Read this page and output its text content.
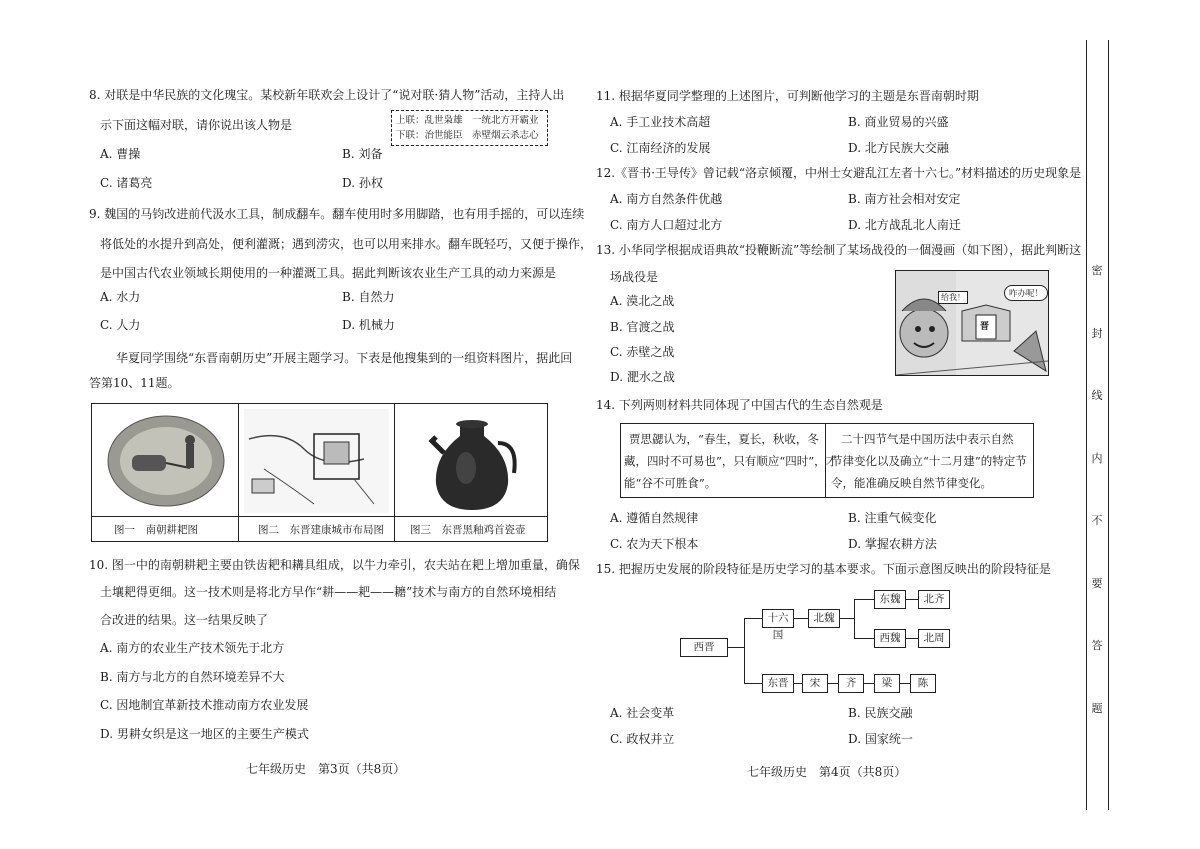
8. 对联是中华民族的文化瑰宝。某校新年联欢会上设计了“说对联·猜人物”活动，主持人出
示下面这幅对联，请你说出该人物是	上联：乱世枭雄　一统北方开霸业
下联：治世能臣　赤壁烟云杀志心
A. 曹操	B. 刘备
C. 诸葛亮	D. 孙权
9. 魏国的马钧改进前代汲水工具，制成翻车。翻车使用时多用脚踏，也有用手摇的，可以连续
将低处的水提升到高处，便利灌溉；遇到涝灾，也可以用来排水。翻车既轻巧，又便于操作，
是中国古代农业领域长期使用的一种灌溉工具。据此判断该农业生产工具的动力来源是
A. 水力	B. 自然力
C. 人力	D. 机械力
华夏同学围绕“东晋南朝历史”开展主题学习。下表是他搜集到的一组资料图片，据此回
答第10、11题。
图一　南朝耕耙图	图二　东晋建康城市布局图 图三　东晋黑釉鸡首瓷壶
10. 图一中的南朝耕耙主要由铁齿耙和耩具组成，以牛力牵引，农夫站在耙上增加重量，确保
土壤耙得更细。这一技术则是将北方早作“耕——耙——耱”技术与南方的自然环境相结
合改进的结果。这一结果反映了
A. 南方的农业生产技术领先于北方
B. 南方与北方的自然环境差异不大
C. 因地制宜革新技术推动南方农业发展
D. 男耕女织是这一地区的主要生产模式
七年级历史　第3页（共8页）
11. 根据华夏同学整理的上述图片，可判断他学习的主题是东晋南朝时期
A. 手工业技术高超	B. 商业贸易的兴盛
C. 江南经济的发展	D. 北方民族大交融
12.《晋书·王导传》曾记载“洛京倾覆，中州士女避乱江左者十六七。”材料描述的历史现象是
A. 南方自然条件优越	B. 南方社会相对安定
C. 南方人口超过北方	D. 北方战乱北人南迁
13. 小华同学根据成语典故“投鞭断流”等绘制了某场战役的一個漫画（如下图），据此判断这
场战役是
A. 漠北之战
B. 官渡之战
C. 赤壁之战
D. 淝水之战
给我！
晋
咋办呢！
14. 下列两则材料共同体现了中国古代的生态自然观是
贾思勰认为，“春生，夏长，秋收，冬
藏，四时不可易也”，只有顺应“四时”，才
能“谷不可胜食”。
二十四节气是中国历法中表示自然
节律变化以及确立“十二月建”的特定节
令，能准确反映自然节律变化。
A. 遵循自然规律	B. 注重气候变化
C. 农为天下根本	D. 掌握农耕方法
15. 把握历史发展的阶段特征是历史学习的基本要求。下面示意图反映出的阶段特征是
西晋
十六国
北魏
东魏	北齐
西魏	北周
东晋	宋	齐	梁	陈
A. 社会变革	B. 民族交融
C. 政权并立	D. 国家统一
七年级历史　第4页（共8页）
密
封
线
内
不
要
答
题
